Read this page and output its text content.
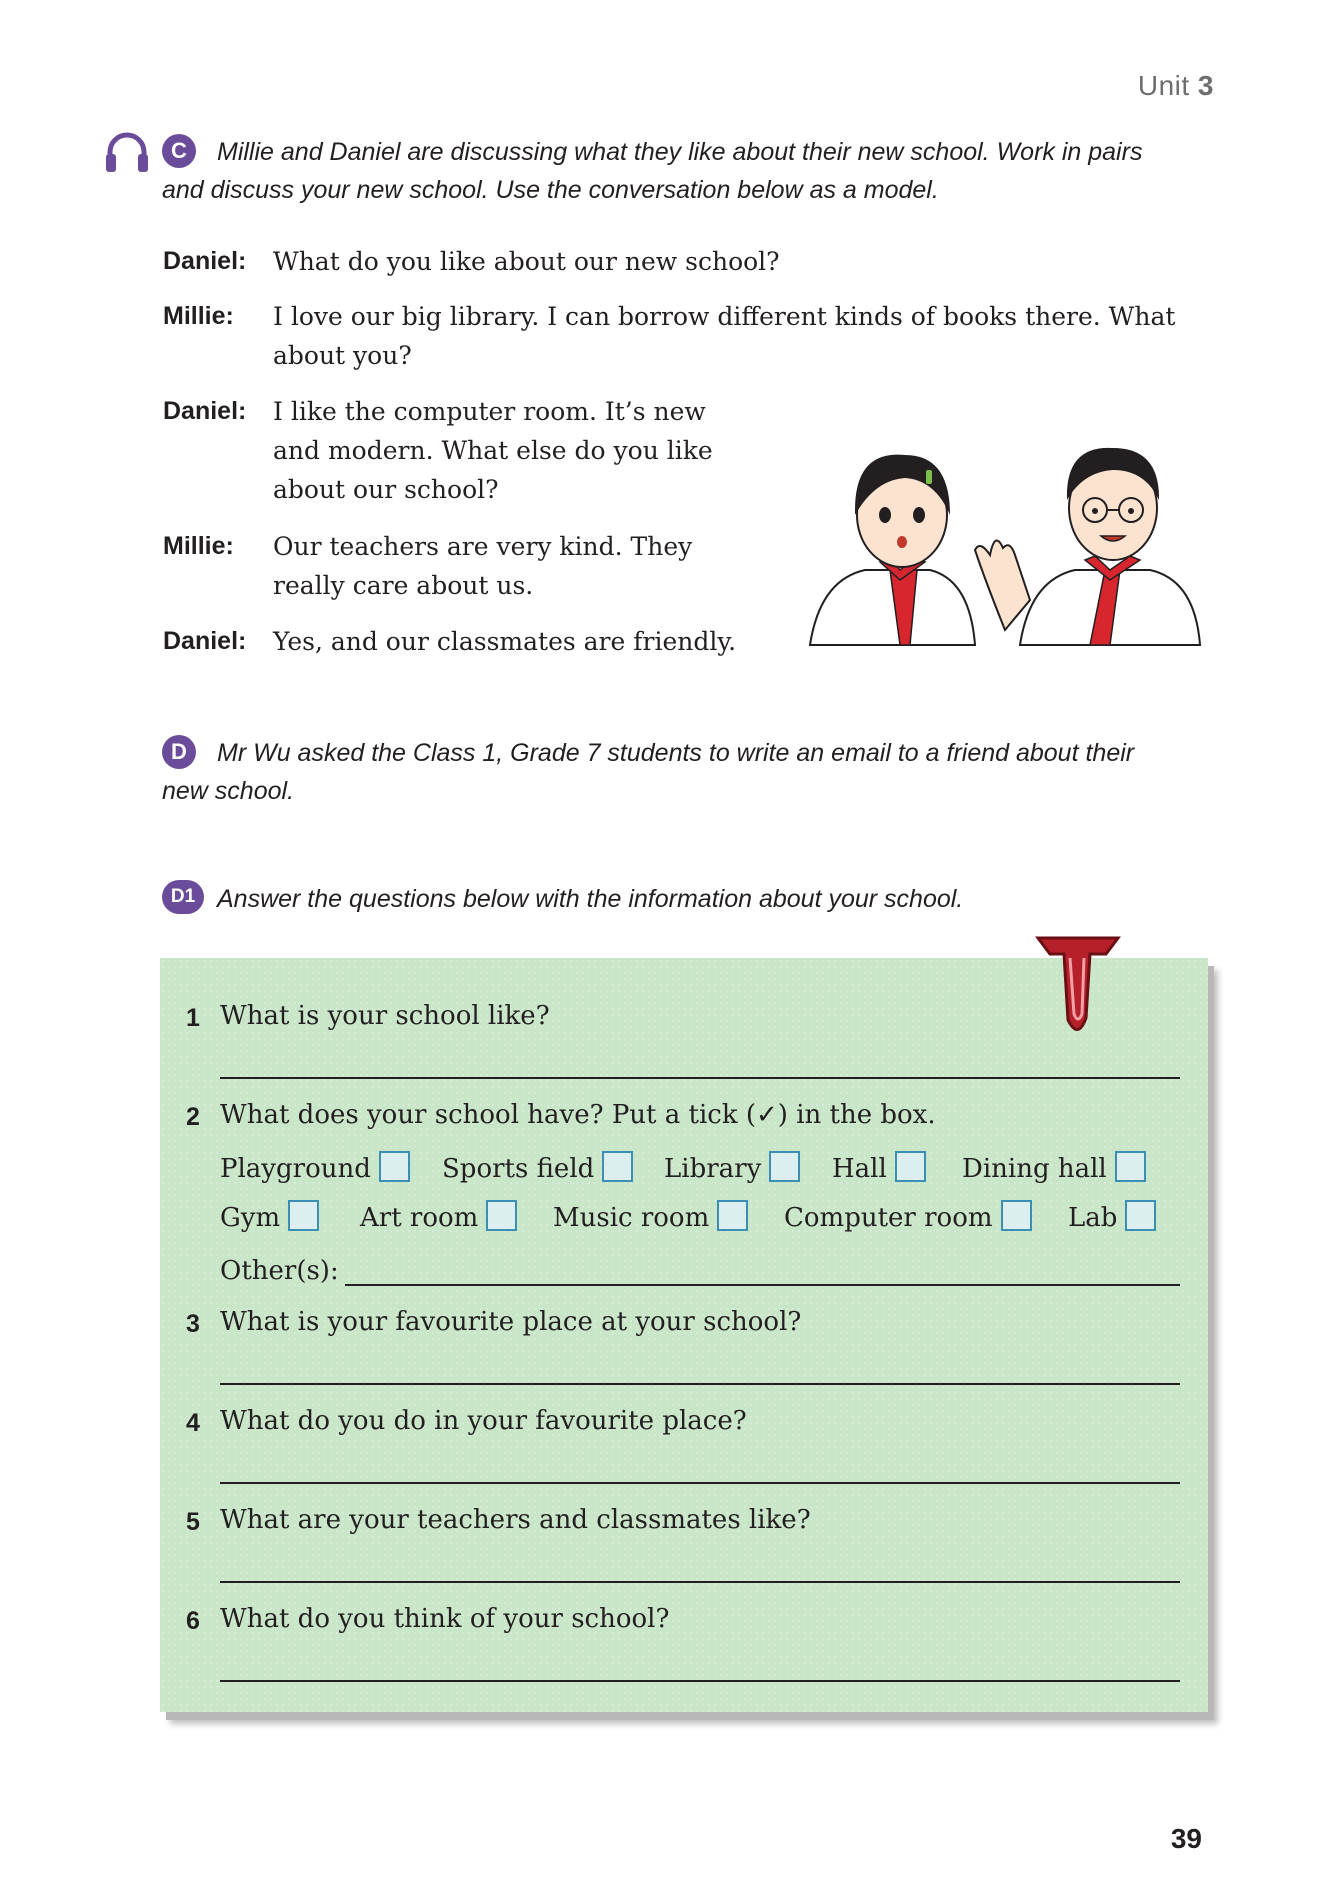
Unit 3
C	Millie and Daniel are discussing what they like about their new school. Work in pairs
and discuss your new school. Use the conversation below as a model.
Daniel: What do you like about our new school?
Millie: I love our big library. I can borrow different kinds of books there. What
about you?
Daniel: I like the computer room. It’s new
and modern. What else do you like
about our school?
Millie: Our teachers are very kind. They
really care about us.
Daniel: Yes, and our classmates are friendly.
D	Mr Wu asked the Class 1, Grade 7 students to write an email to a friend about their
new school.
D1 Answer the questions below with the information about your school.
1 What is your school like?
2 What does your school have? Put a tick (✓) in the box.
Playground	Sports field	Library	Hall	Dining hall
Gym	Art room	Music room	Computer room	Lab
Other(s):
3 What is your favourite place at your school?
4 What do you do in your favourite place?
5 What are your teachers and classmates like?
6 What do you think of your school?
39
